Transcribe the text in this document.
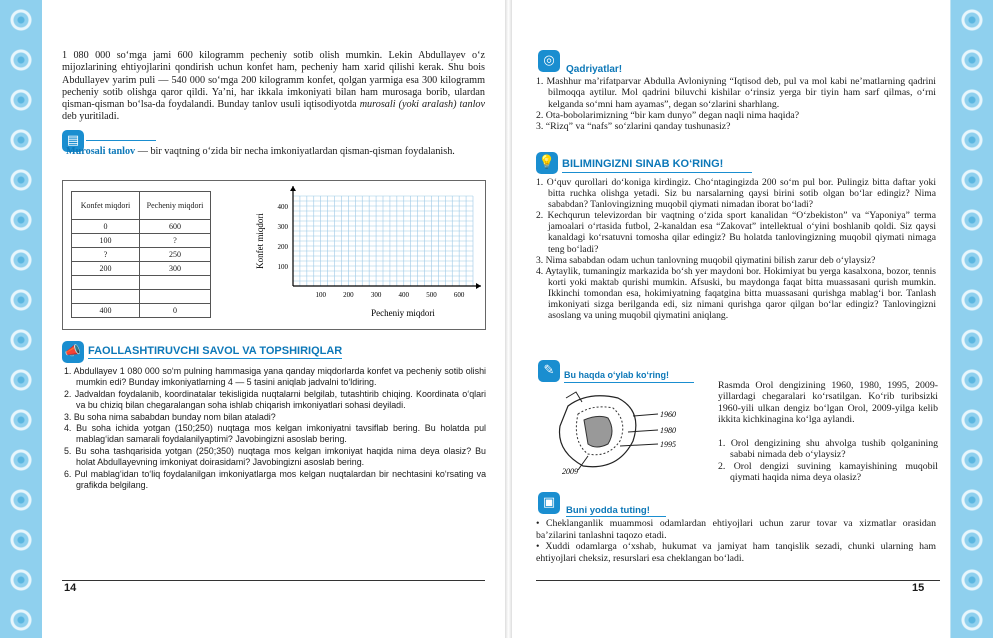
1 080 000 so‘mga jami 600 kilogramm pecheniy sotib olish mumkin. Lekin Abdullayev o‘z mijozlarining ehtiyojlarini qondirish uchun konfet ham, pecheniy ham xarid qilishi kerak. Shu bois Abdullayev yarim puli — 540 000 so‘mga 200 kilogramm konfet, qolgan yarmiga esa 300 kilogramm pecheniy sotib olishga qaror qildi. Ya’ni, har ikkala imkoniyati bilan ham murosaga borib, ulardan qisman-qisman bo‘lsa-da foydalandi. Bunday tanlov usuli iqtisodiyotda murosali (yoki aralash) tanlov deb yuritiladi.
▤
Murosali tanlov — bir vaqtning o‘zida bir necha imkoniyatlardan qisman-qisman foydalanish.
Konfet miqdori	Pecheniy miqdori
0	600
100	?
?	250
200	300

400	0
100 200 300 400 500 600
100
200
300
400
Pecheniy miqdori
Konfet miqdori
📣 FAOLLASHTIRUVCHI SAVOL VA TOPSHIRIQLAR
1. Abdullayev 1 080 000 so‘m pulning hammasiga yana qanday miqdorlarda konfet va pecheniy sotib olishi mumkin edi? Bunday imkoniyatlarning 4 — 5 tasini aniqlab jadvalni to‘ldiring.
2. Jadvaldan foydalanib, koordinatalar tekisligida nuqtalarni belgilab, tutashtirib chiqing. Koordinata o‘qlari va bu chiziq bilan chegaralangan soha ishlab chiqarish imkoniyatlari sohasi deyiladi.
3. Bu soha nima sababdan bunday nom bilan ataladi?
4. Bu soha ichida yotgan (150;250) nuqtaga mos kelgan imkoniyatni tavsiflab bering. Bu holatda pul mablag‘idan samarali foydalanilyaptimi? Javobingizni asoslab bering.
5. Bu soha tashqarisida yotgan (250;350) nuqtaga mos kelgan imkoniyat haqida nima deya olasiz? Bu holat Abdullayevning imkoniyat doirasidami? Javobingizni asoslab bering.
6. Pul mablag‘idan to‘liq foydalanilgan imkoniyatlarga mos kelgan nuqtalardan bir nechtasini ko‘rsating va grafikda belgilang.
14
◎
Qadriyatlar!
1. Mashhur ma’rifatparvar Abdulla Avloniyning “Iqtisod deb, pul va mol kabi ne’matlarning qadrini bilmoqqa aytilur. Mol qadrini biluvchi kishilar o‘rinsiz yerga bir tiyin ham sarf qilmas, o‘rni kelganda so‘mni ham ayamas”, degan so‘zlarini sharhlang.
2. Ota-bobolarimizning “bir kam dunyo” degan naqli nima haqida?
3. “Rizq” va “nafs” so‘zlarini qanday tushunasiz?
💡 BILIMINGIZNI SINAB KO‘RING!
1. O‘quv qurollari do‘koniga kirdingiz. Cho‘ntagingizda 200 so‘m pul bor. Pulingiz bitta daftar yoki bitta ruchka olishga yetadi. Siz bu narsalarning qaysi birini sotib olgan bo‘lar edingiz? Nima sababdan? Tanlovingizning muqobil qiymati nimadan iborat bo‘ladi?
2. Kechqurun televizordan bir vaqtning o‘zida sport kanalidan “O‘zbekiston” va “Yaponiya” terma jamoalari o‘rtasida futbol, 2-kanaldan esa “Zakovat” intellektual o‘yini boshlanib qoldi. Siz qaysi kanaldagi ko‘rsatuvni tomosha qilar edingiz? Bu holatda tanlovingizning muqobil qiymati nimaga teng bo‘ladi?
3. Nima sababdan odam uchun tanlovning muqobil qiymatini bilish zarur deb o‘ylaysiz?
4. Aytaylik, tumaningiz markazida bo‘sh yer maydoni bor. Hokimiyat bu yerga kasalxona, bozor, tennis korti yoki maktab qurishi mumkin. Afsuski, bu maydonga faqat bitta muassasani qurish mumkin. Ikkinchi tomondan esa, hokimiyatning faqatgina bitta muassasani qurishga mablag‘i bor. Tanlash imkoniyati sizga berilganda edi, siz nimani qurishga qaror qilgan bo‘lar edingiz? Tanlovingizni asoslang va uning muqobil qiymatini aniqlang.
✎	Bu haqda o‘ylab ko‘ring!
1960
1980
1995
2009
Rasmda Orol dengizining 1960, 1980, 1995, 2009-yillardagi chegaralari ko‘rsatilgan. Ko‘rib turibsizki 1960-yili ulkan dengiz bo‘lgan Orol, 2009-yilga kelib ikkita kichkinagina ko‘lga aylandi.
1. Orol dengizining shu ahvolga tushib qolganining sababi nimada deb o‘ylaysiz?
2. Orol dengizi suvining kamayishining muqobil qiymati haqida nima deya olasiz?
▣
Buni yodda tuting!
• Cheklanganlik muammosi odamlardan ehtiyojlari uchun zarur tovar va xizmatlar orasidan ba’zilarini tanlashni taqozo etadi.
• Xuddi odamlarga o‘xshab, hukumat va jamiyat ham tanqislik sezadi, chunki ularning ham ehtiyojlari cheksiz, resurslari esa cheklangan bo‘ladi.
15
